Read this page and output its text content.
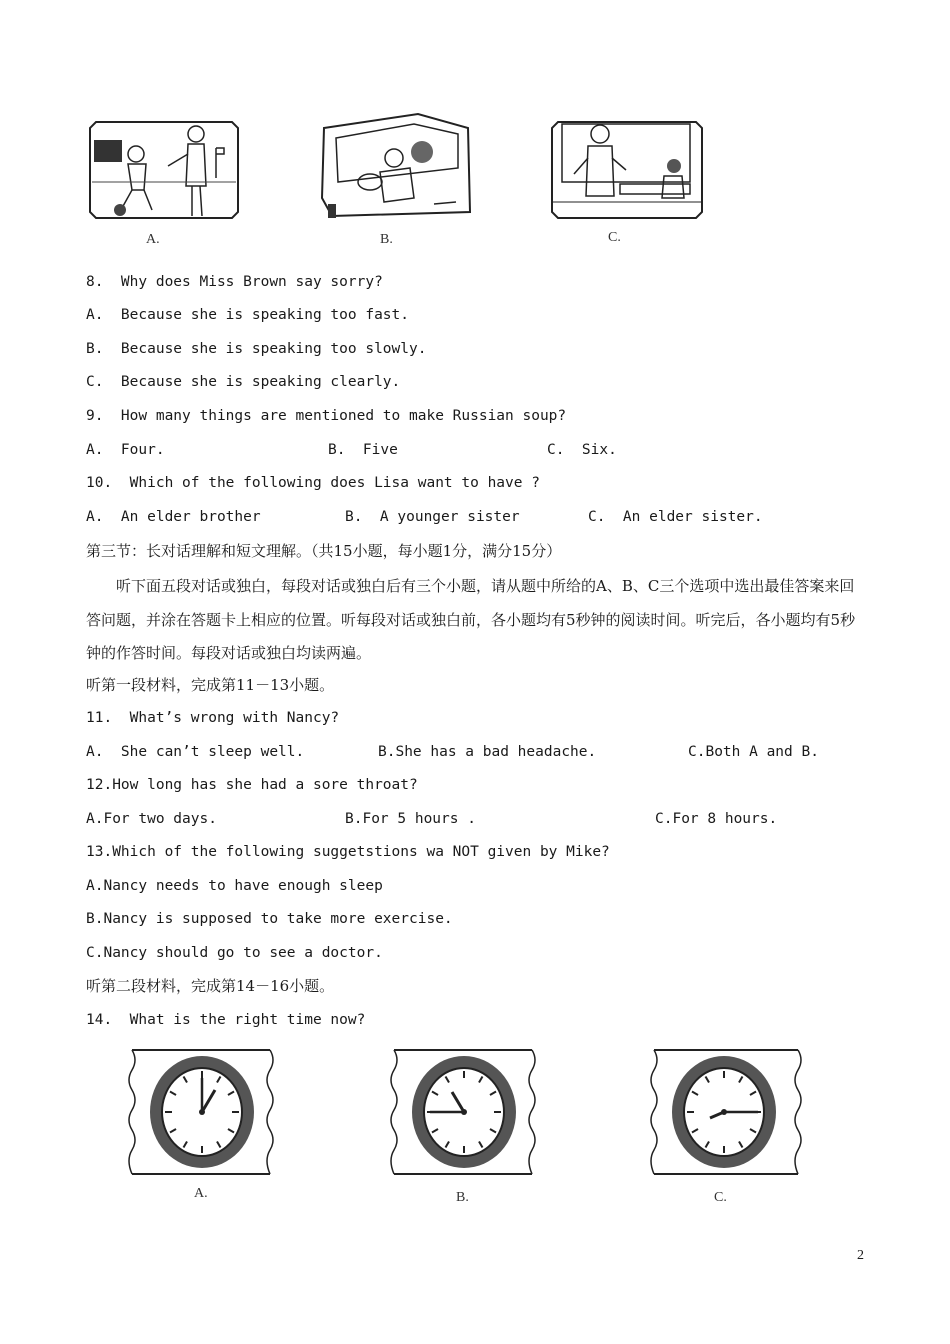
A.	B.	C.
8.  Why does Miss Brown say sorry?
A.  Because she is speaking too fast.
B.  Because she is speaking too slowly.
C.  Because she is speaking clearly.
9.  How many things are mentioned to make Russian soup?
A.  Four.	B.  Five	C.  Six.
10.  Which of the following does Lisa want to have ?
A.  An elder brother	B.  A younger sister	C.  An elder sister.
第三节：长对话理解和短文理解。（共15小题，每小题1分，满分15分）
听下面五段对话或独白，每段对话或独白后有三个小题，请从题中所给的A、B、C三个选项中选出最佳答案来回答问题，并涂在答题卡上相应的位置。听每段对话或独白前，各小题均有5秒钟的阅读时间。听完后，各小题均有5秒钟的作答时间。每段对话或独白均读两遍。
听第一段材料，完成第11－13小题。
11.  What’s wrong with Nancy?
A.  She can’t sleep well.	B.She has a bad headache.	C.Both A and B.
12.How long has she had a sore throat?
A.For two days.	B.For 5 hours .	C.For 8 hours.
13.Which of the following suggetstions wa NOT given by Mike?
A.Nancy needs to have enough sleep
B.Nancy is supposed to take more exercise.
C.Nancy should go to see a doctor.
听第二段材料，完成第14－16小题。
14.  What is the right time now?
A.	B.	C.
2
